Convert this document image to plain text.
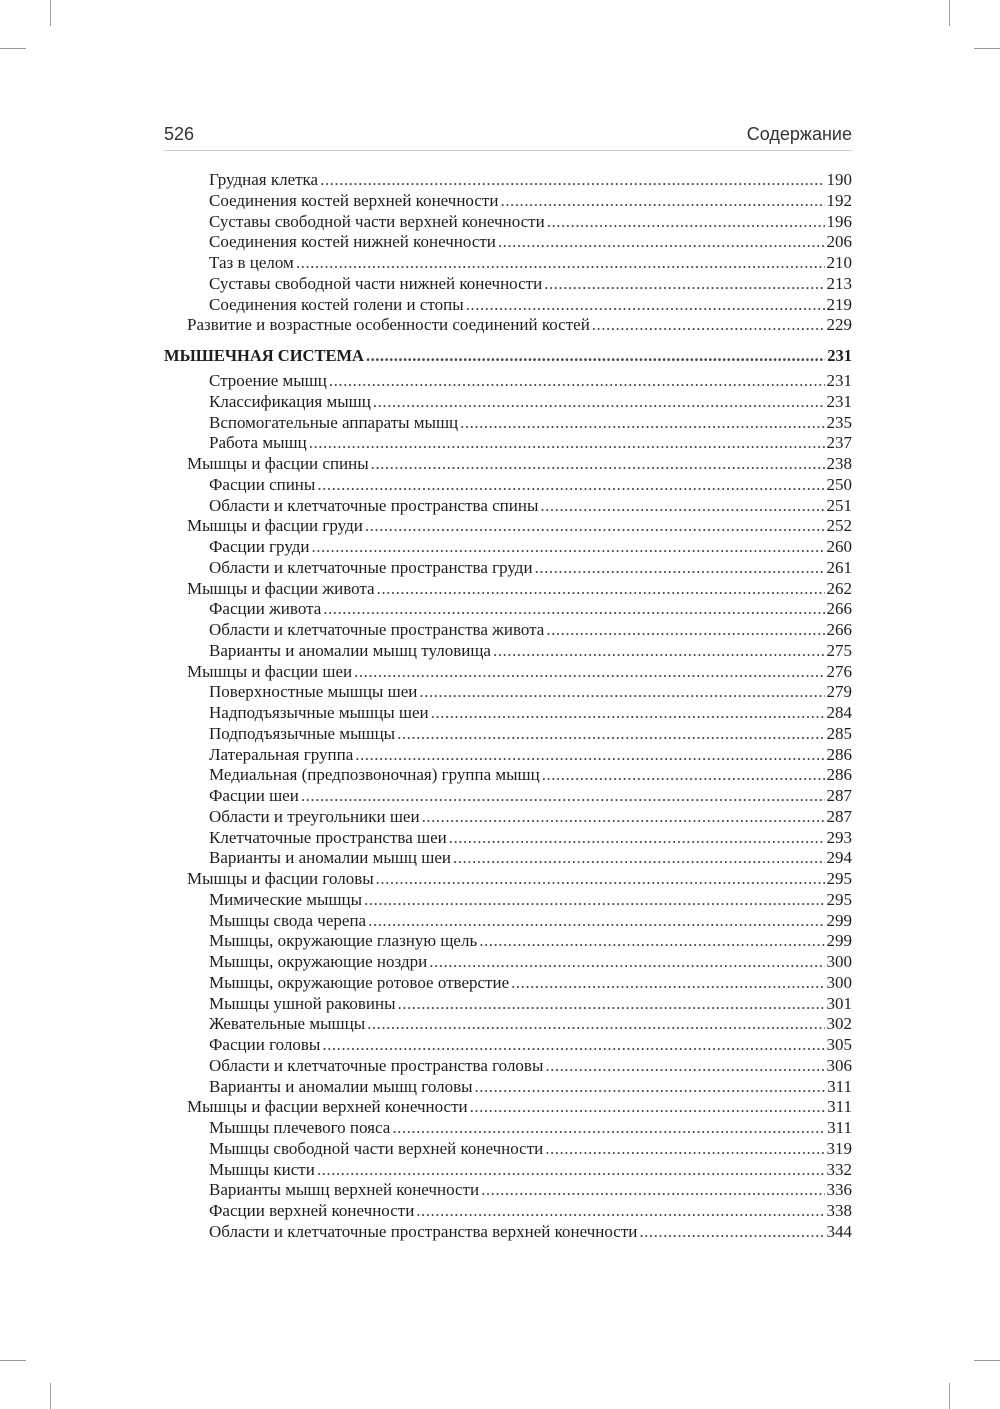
526	Содержание
Грудная клетка .....	190
Соединения костей верхней конечности .....	192
Суставы свободной части верхней конечности .....	196
Соединения костей нижней конечности .....	206
Таз в целом .....	210
Суставы свободной части нижней конечности .....	213
Соединения костей голени и стопы .....	219
Развитие и возрастные особенности соединений костей .....	229
МЫШЕЧНАЯ СИСТЕМА .....	231
Строение мышц .....	231
Классификация мышц .....	231
Вспомогательные аппараты мышц .....	235
Работа мышц .....	237
Мышцы и фасции спины .....	238
Фасции спины .....	250
Области и клетчаточные пространства спины .....	251
Мышцы и фасции груди .....	252
Фасции груди .....	260
Области и клетчаточные пространства груди .....	261
Мышцы и фасции живота .....	262
Фасции живота .....	266
Области и клетчаточные пространства живота .....	266
Варианты и аномалии мышц туловища .....	275
Мышцы и фасции шеи .....	276
Поверхностные мышцы шеи .....	279
Надподъязычные мышцы шеи .....	284
Подподъязычные мышцы .....	285
Латеральная группа .....	286
Медиальная (предпозвоночная) группа мышц .....	286
Фасции шеи .....	287
Области и треугольники шеи .....	287
Клетчаточные пространства шеи .....	293
Варианты и аномалии мышц шеи .....	294
Мышцы и фасции головы .....	295
Мимические мышцы .....	295
Мышцы свода черепа .....	299
Мышцы, окружающие глазную щель .....	299
Мышцы, окружающие ноздри .....	300
Мышцы, окружающие ротовое отверстие .....	300
Мышцы ушной раковины .....	301
Жевательные мышцы .....	302
Фасции головы .....	305
Области и клетчаточные пространства головы .....	306
Варианты и аномалии мышц головы .....	311
Мышцы и фасции верхней конечности .....	311
Мышцы плечевого пояса .....	311
Мышцы свободной части верхней конечности .....	319
Мышцы кисти .....	332
Варианты мышц верхней конечности .....	336
Фасции верхней конечности .....	338
Области и клетчаточные пространства верхней конечности .....	344
